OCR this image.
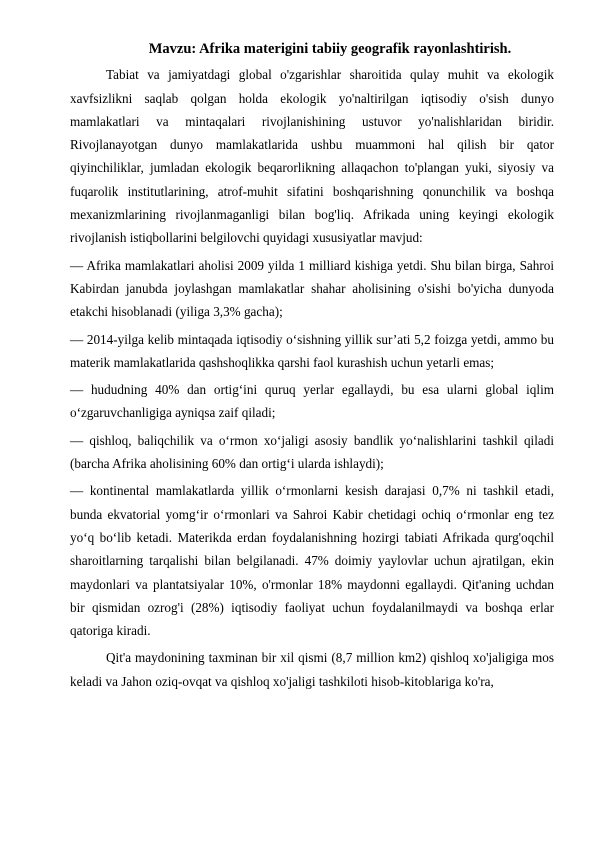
Mavzu: Afrika materigini tabiiy geografik rayonlashtirish.

Tabiat va jamiyatdagi global o'zgarishlar sharoitida qulay muhit va ekologik xavfsizlikni saqlab qolgan holda ekologik yo'naltirilgan iqtisodiy o'sish dunyo mamlakatlari va mintaqalari rivojlanishining ustuvor yo'nalishlaridan biridir. Rivojlanayotgan dunyo mamlakatlarida ushbu muammoni hal qilish bir qator qiyinchiliklar, jumladan ekologik beqarorlikning allaqachon to'plangan yuki, siyosiy va fuqarolik institutlarining, atrof-muhit sifatini boshqarishning qonunchilik va boshqa mexanizmlarining rivojlanmaganligi bilan bog'liq. Afrikada uning keyingi ekologik rivojlanish istiqbollarini belgilovchi quyidagi xususiyatlar mavjud:

— Afrika mamlakatlari aholisi 2009 yilda 1 milliard kishiga yetdi. Shu bilan birga, Sahroi Kabirdan janubda joylashgan mamlakatlar shahar aholisining o'sishi bo'yicha dunyoda etakchi hisoblanadi (yiliga 3,3% gacha);

— 2014-yilga kelib mintaqada iqtisodiy o‘sishning yillik sur’ati 5,2 foizga yetdi, ammo bu materik mamlakatlarida qashshoqlikka qarshi faol kurashish uchun yetarli emas;

— hududning 40% dan ortig‘ini quruq yerlar egallaydi, bu esa ularni global iqlim o‘zgaruvchanligiga ayniqsa zaif qiladi;

— qishloq, baliqchilik va o‘rmon xo‘jaligi asosiy bandlik yo‘nalishlarini tashkil qiladi (barcha Afrika aholisining 60% dan ortig‘i ularda ishlaydi);

— kontinental mamlakatlarda yillik o‘rmonlarni kesish darajasi 0,7% ni tashkil etadi, bunda ekvatorial yomg‘ir o‘rmonlari va Sahroi Kabir chetidagi ochiq o‘rmonlar eng tez yo‘q bo‘lib ketadi. Materikda erdan foydalanishning hozirgi tabiati Afrikada qurg'oqchil sharoitlarning tarqalishi bilan belgilanadi. 47% doimiy yaylovlar uchun ajratilgan, ekin maydonlari va plantatsiyalar 10%, o'rmonlar 18% maydonni egallaydi. Qit'aning uchdan bir qismidan ozrog'i (28%) iqtisodiy faoliyat uchun foydalanilmaydi va boshqa erlar qatoriga kiradi.

Qit'a maydonining taxminan bir xil qismi (8,7 million km2) qishloq xo'jaligiga mos keladi va Jahon oziq-ovqat va qishloq xo'jaligi tashkiloti hisob-kitoblariga ko'ra,
